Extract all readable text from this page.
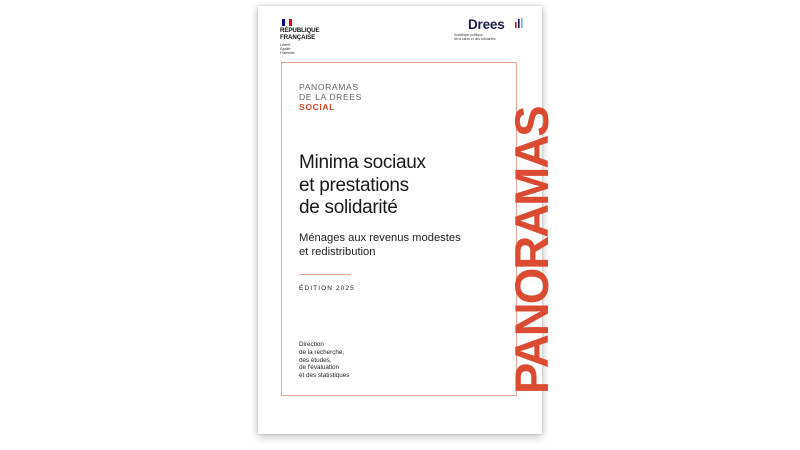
RÉPUBLIQUE
FRANÇAISE
Liberté
Égalité
Fraternité
Drees
Statistique publique
de la santé et des solidarités
PANORAMAS
DE LA DREES
SOCIAL
Minima sociaux
et prestations
de solidarité
Ménages aux revenus modestes
et redistribution
ÉDITION 2025
Direction
de la recherche,
des études,
de l'évaluation
et des statistiques	PANORAMAS
